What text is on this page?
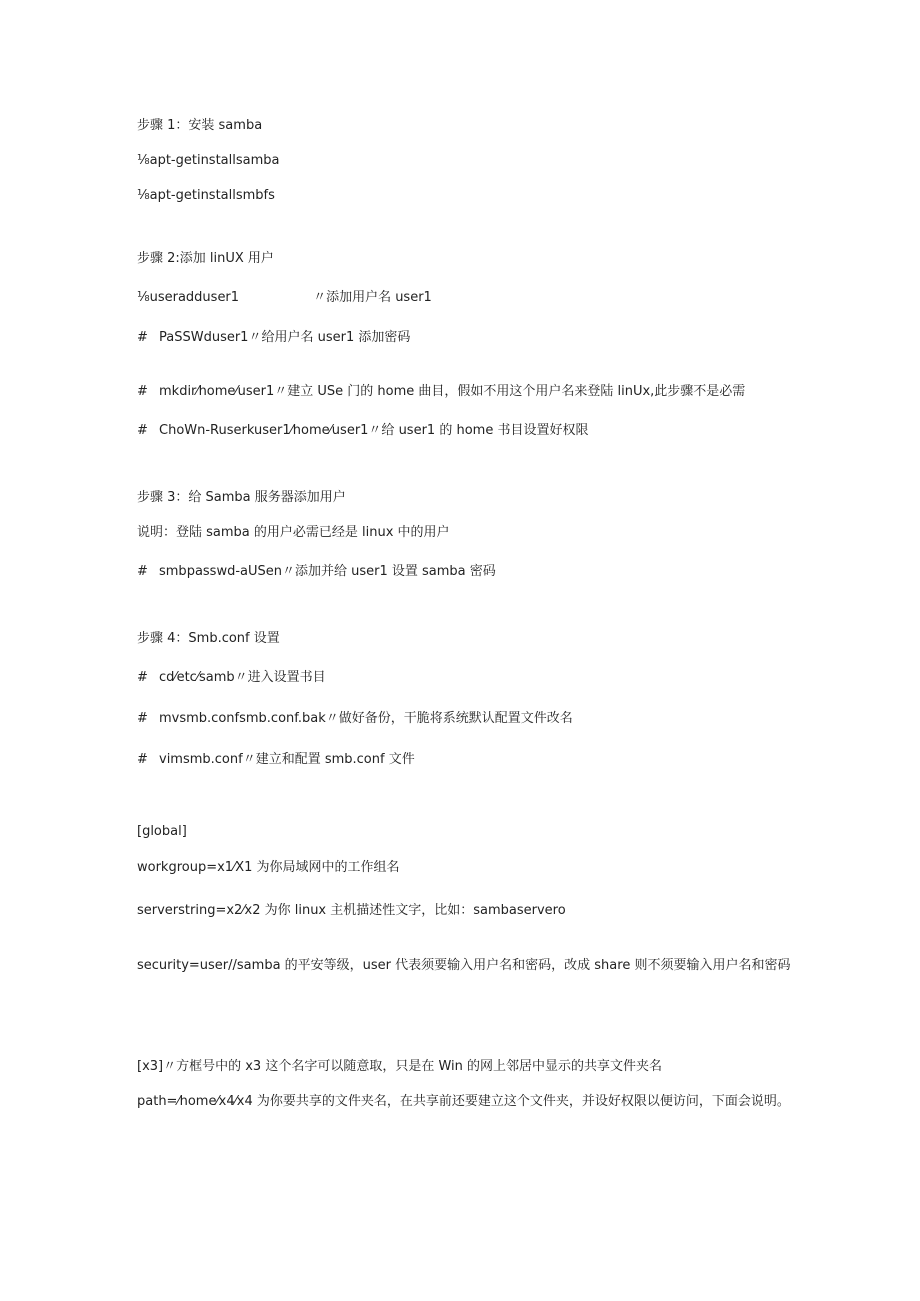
步骤 1：安装 samba
⅛apt-getinstallsamba
⅛apt-getinstallsmbfs
步骤 2:添加 linUX 用户
⅛useradduser1	〃添加用户名 user1
# PaSSWduser1〃给用户名 user1 添加密码
# mkdir⁄home⁄user1〃建立 USe 门的 home 曲目，假如不用这个用户名来登陆 linUx,此步骤不是必需
# ChoWn-Ruserkuser1⁄home⁄user1〃给 user1 的 home 书目设置好权限
步骤 3：给 Samba 服务器添加用户
说明：登陆 samba 的用户必需已经是 linux 中的用户
# smbpasswd-aUSen〃添加并给 user1 设置 samba 密码
步骤 4：Smb.conf 设置
# cd⁄etc⁄samb〃进入设置书目
# mvsmb.confsmb.conf.bak〃做好备份，干脆将系统默认配置文件改名
# vimsmb.conf〃建立和配置 smb.conf 文件
[global]
workgroup=x1⁄X1 为你局域网中的工作组名
serverstring=x2⁄x2 为你 linux 主机描述性文字，比如：sambaservero
security=user//samba 的平安等级，user 代表须要输入用户名和密码，改成 share 则不须要输入用户名和密码
[x3]〃方框号中的 x3 这个名字可以随意取，只是在 Win 的网上邻居中显示的共享文件夹名
path=⁄home⁄x4⁄x4 为你要共享的文件夹名，在共享前还要建立这个文件夹，并设好权限以便访问，下面会说明。
